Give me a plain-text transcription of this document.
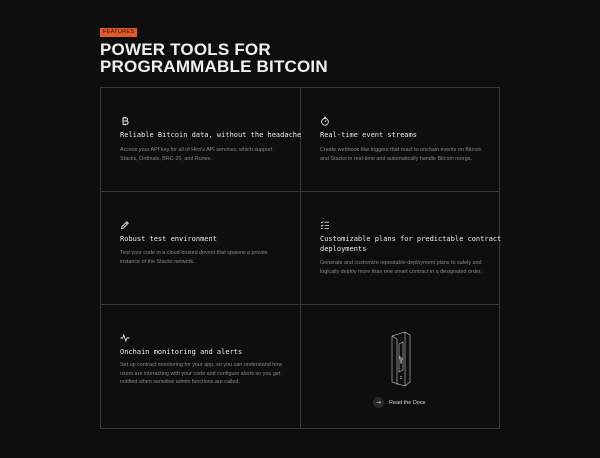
FEATURES
POWER TOOLS FOR PROGRAMMABLE BITCOIN
Reliable Bitcoin data, without the headache
Access your API key for all of Hiro's API services, which support Stacks, Ordinals, BRC-20, and Runes.
Real-time event streams
Create webhook-like triggers that react to onchain events on Bitcoin and Stacks in real-time and automatically handle Bitcoin reorgs.
Robust test environment
Test your code in a cloud-hosted devnet that spawns a private instance of the Stacks network.
Customizable plans for predictable contract deployments
Generate and customize repeatable deployment plans to safely and logically deploy more than one smart contract in a designated order.
Onchain monitoring and alerts
Set up contract monitoring for your app, so you can understand how users are interacting with your code and configure alerts so you get notified when sensitive admin functions are called.
→	Read the Docs
